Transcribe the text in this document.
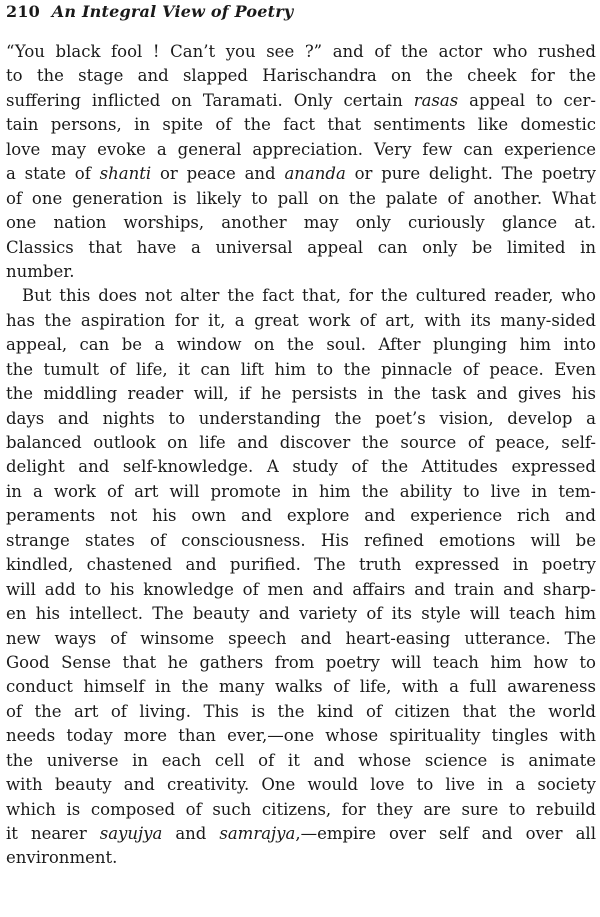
210 An Integral View of Poetry
“You black fool ! Can’t you see ?” and of the actor who rushed
to the stage and slapped Harischandra on the cheek for the
suffering inflicted on Taramati. Only certain rasas appeal to cer-
tain persons, in spite of the fact that sentiments like domestic
love may evoke a general appreciation. Very few can experience
a state of shanti or peace and ananda or pure delight. The poetry
of one generation is likely to pall on the palate of another. What
one nation worships, another may only curiously glance at.
Classics that have a universal appeal can only be limited in
number.
But this does not alter the fact that, for the cultured reader, who
has the aspiration for it, a great work of art, with its many-sided
appeal, can be a window on the soul. After plunging him into
the tumult of life, it can lift him to the pinnacle of peace. Even
the middling reader will, if he persists in the task and gives his
days and nights to understanding the poet’s vision, develop a
balanced outlook on life and discover the source of peace, self-
delight and self-knowledge. A study of the Attitudes expressed
in a work of art will promote in him the ability to live in tem-
peraments not his own and explore and experience rich and
strange states of consciousness. His refined emotions will be
kindled, chastened and purified. The truth expressed in poetry
will add to his knowledge of men and affairs and train and sharp-
en his intellect. The beauty and variety of its style will teach him
new ways of winsome speech and heart-easing utterance. The
Good Sense that he gathers from poetry will teach him how to
conduct himself in the many walks of life, with a full awareness
of the art of living. This is the kind of citizen that the world
needs today more than ever,—one whose spirituality tingles with
the universe in each cell of it and whose science is animate
with beauty and creativity. One would love to live in a society
which is composed of such citizens, for they are sure to rebuild
it nearer sayujya and samrajya,—empire over self and over all
environment.
